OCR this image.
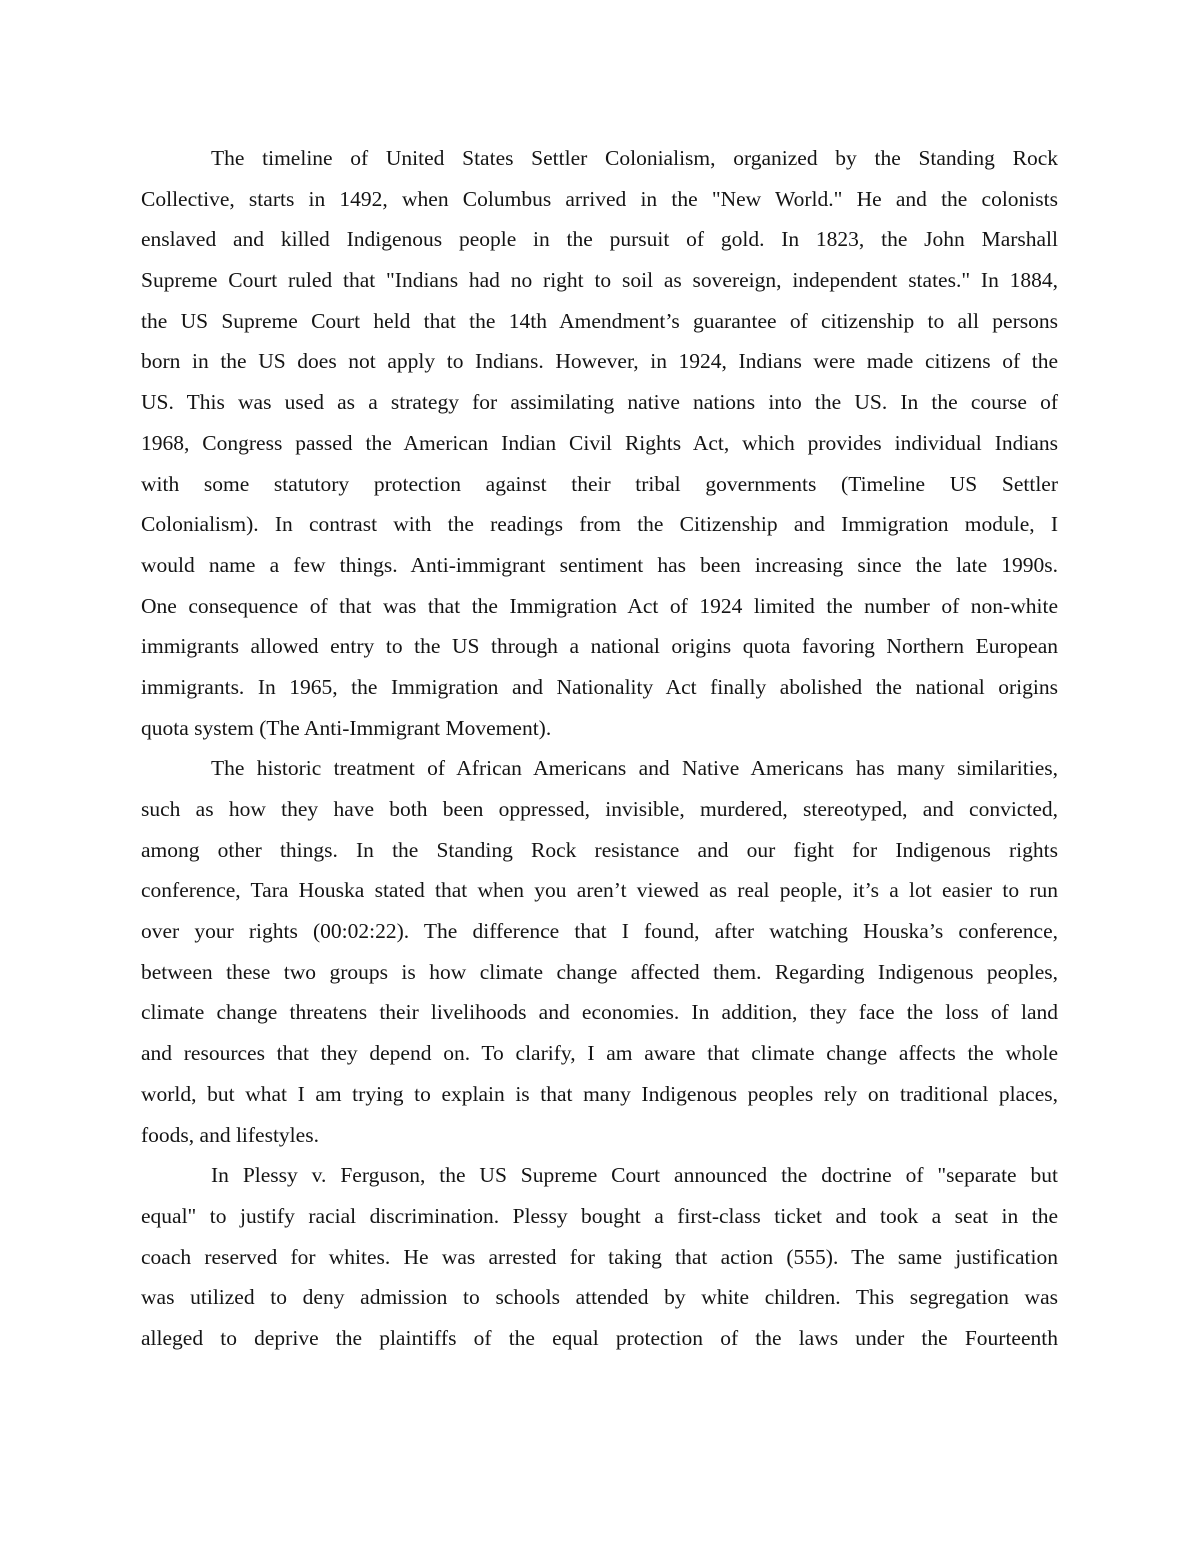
The timeline of United States Settler Colonialism, organized by the Standing Rock
Collective, starts in 1492, when Columbus arrived in the "New World." He and the colonists
enslaved and killed Indigenous people in the pursuit of gold. In 1823, the John Marshall
Supreme Court ruled that "Indians had no right to soil as sovereign, independent states." In 1884,
the US Supreme Court held that the 14th Amendment’s guarantee of citizenship to all persons
born in the US does not apply to Indians. However, in 1924, Indians were made citizens of the
US. This was used as a strategy for assimilating native nations into the US. In the course of
1968, Congress passed the American Indian Civil Rights Act, which provides individual Indians
with some statutory protection against their tribal governments (Timeline US Settler
Colonialism). In contrast with the readings from the Citizenship and Immigration module, I
would name a few things. Anti-immigrant sentiment has been increasing since the late 1990s.
One consequence of that was that the Immigration Act of 1924 limited the number of non-white
immigrants allowed entry to the US through a national origins quota favoring Northern European
immigrants. In 1965, the Immigration and Nationality Act finally abolished the national origins
quota system (The Anti-Immigrant Movement).
The historic treatment of African Americans and Native Americans has many similarities,
such as how they have both been oppressed, invisible, murdered, stereotyped, and convicted,
among other things. In the Standing Rock resistance and our fight for Indigenous rights
conference, Tara Houska stated that when you aren’t viewed as real people, it’s a lot easier to run
over your rights (00:02:22). The difference that I found, after watching Houska’s conference,
between these two groups is how climate change affected them. Regarding Indigenous peoples,
climate change threatens their livelihoods and economies. In addition, they face the loss of land
and resources that they depend on. To clarify, I am aware that climate change affects the whole
world, but what I am trying to explain is that many Indigenous peoples rely on traditional places,
foods, and lifestyles.
In Plessy v. Ferguson, the US Supreme Court announced the doctrine of "separate but
equal" to justify racial discrimination. Plessy bought a first-class ticket and took a seat in the
coach reserved for whites. He was arrested for taking that action (555). The same justification
was utilized to deny admission to schools attended by white children. This segregation was
alleged to deprive the plaintiffs of the equal protection of the laws under the Fourteenth
